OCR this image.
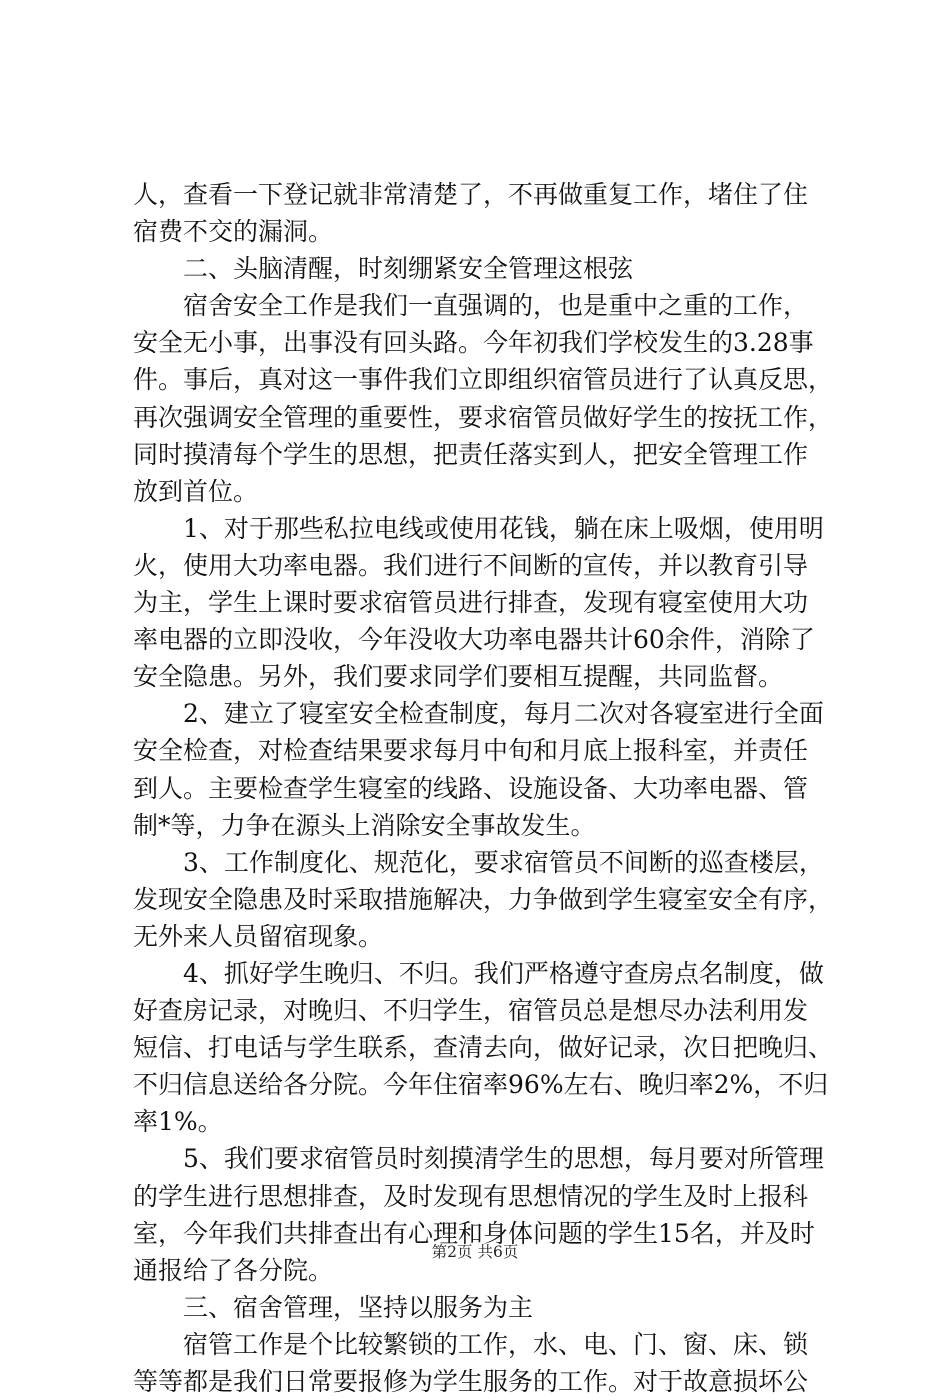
人，查看一下登记就非常清楚了，不再做重复工作，堵住了住
宿费不交的漏洞。
　　二、头脑清醒，时刻绷紧安全管理这根弦
　　宿舍安全工作是我们一直强调的，也是重中之重的工作，
安全无小事，出事没有回头路。今年初我们学校发生的3.28事
件。事后，真对这一事件我们立即组织宿管员进行了认真反思，
再次强调安全管理的重要性，要求宿管员做好学生的按抚工作，
同时摸清每个学生的思想，把责任落实到人，把安全管理工作
放到首位。
　　1、对于那些私拉电线或使用花钱，躺在床上吸烟，使用明
火，使用大功率电器。我们进行不间断的宣传，并以教育引导
为主，学生上课时要求宿管员进行排查，发现有寝室使用大功
率电器的立即没收，今年没收大功率电器共计60余件，消除了
安全隐患。另外，我们要求同学们要相互提醒，共同监督。
　　2、建立了寝室安全检查制度，每月二次对各寝室进行全面
安全检查，对检查结果要求每月中旬和月底上报科室，并责任
到人。主要检查学生寝室的线路、设施设备、大功率电器、管
制*等，力争在源头上消除安全事故发生。
　　3、工作制度化、规范化，要求宿管员不间断的巡查楼层，
发现安全隐患及时采取措施解决，力争做到学生寝室安全有序，
无外来人员留宿现象。
　　4、抓好学生晚归、不归。我们严格遵守查房点名制度，做
好查房记录，对晚归、不归学生，宿管员总是想尽办法利用发
短信、打电话与学生联系，查清去向，做好记录，次日把晚归、
不归信息送给各分院。今年住宿率96%左右、晚归率2%，不归
率1%。
　　5、我们要求宿管员时刻摸清学生的思想，每月要对所管理
的学生进行思想排查，及时发现有思想情况的学生及时上报科
室，今年我们共排查出有心理和身体问题的学生15名，并及时
通报给了各分院。
　　三、宿舍管理，坚持以服务为主
　　宿管工作是个比较繁锁的工作，水、电、门、窗、床、锁
等等都是我们日常要报修为学生服务的工作。对于故意损坏公
第2页 共6页
